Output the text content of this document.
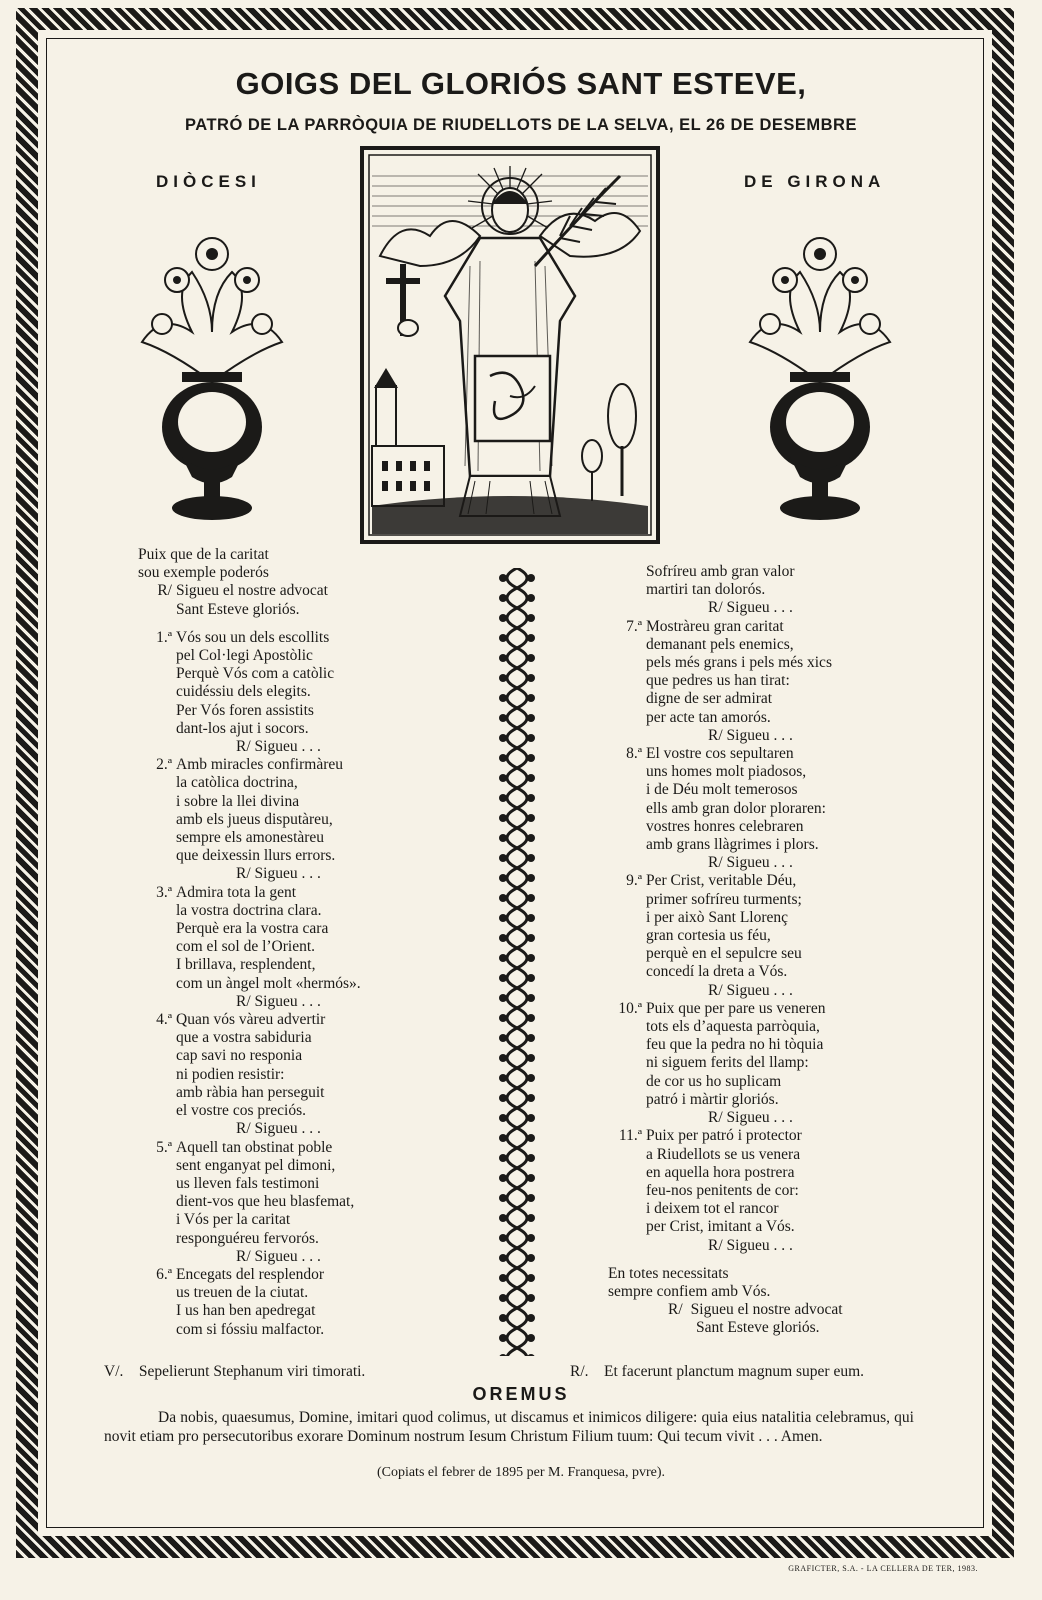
GOIGS DEL GLORIÓS SANT ESTEVE,
PATRÓ DE LA PARRÒQUIA DE RIUDELLOTS DE LA SELVA, EL 26 DE DESEMBRE
DIÒCESI	DE GIRONA
Puix que de la caritat
sou exemple poderós
R/ Sigueu el nostre advocat
Sant Esteve gloriós.
1.ª Vós sou un dels escollits
pel Col·legi Apostòlic
Perquè Vós com a catòlic
cuidéssiu dels elegits.
Per Vós foren assistits
dant-los ajut i socors.
R/ Sigueu . . .
2.ª Amb miracles confirmàreu
la catòlica doctrina,
i sobre la llei divina
amb els jueus disputàreu,
sempre els amonestàreu
que deixessin llurs errors.
R/ Sigueu . . .
3.ª Admira tota la gent
la vostra doctrina clara.
Perquè era la vostra cara
com el sol de l’Orient.
I brillava, resplendent,
com un àngel molt «hermós».
R/ Sigueu . . .
4.ª Quan vós vàreu advertir
que a vostra sabiduria
cap savi no responia
ni podien resistir:
amb ràbia han perseguit
el vostre cos preciós.
R/ Sigueu . . .
5.ª Aquell tan obstinat poble
sent enganyat pel dimoni,
us lleven fals testimoni
dient-vos que heu blasfemat,
i Vós per la caritat
responguéreu fervorós.
R/ Sigueu . . .
6.ª Encegats del resplendor
us treuen de la ciutat.
I us han ben apedregat
com si fóssiu malfactor.
Sofríreu amb gran valor
martiri tan dolorós.
R/ Sigueu . . .
7.ª Mostràreu gran caritat
demanant pels enemics,
pels més grans i pels més xics
que pedres us han tirat:
digne de ser admirat
per acte tan amorós.
R/ Sigueu . . .
8.ª El vostre cos sepultaren
uns homes molt piadosos,
i de Déu molt temerosos
ells amb gran dolor ploraren:
vostres honres celebraren
amb grans llàgrimes i plors.
R/ Sigueu . . .
9.ª Per Crist, veritable Déu,
primer sofríreu turments;
i per això Sant Llorenç
gran cortesia us féu,
perquè en el sepulcre seu
concedí la dreta a Vós.
R/ Sigueu . . .
10.ª Puix que per pare us veneren
tots els d’aquesta parròquia,
feu que la pedra no hi tòquia
ni siguem ferits del llamp:
de cor us ho suplicam
patró i màrtir gloriós.
R/ Sigueu . . .
11.ª Puix per patró i protector
a Riudellots se us venera
en aquella hora postrera
feu-nos penitents de cor:
i deixem tot el rancor
per Crist, imitant a Vós.
R/ Sigueu . . .
En totes necessitats
sempre confiem amb Vós.
R/ Sigueu el nostre advocat
Sant Esteve gloriós.
V/. Sepelierunt Stephanum viri timorati.	R/. Et facerunt planctum magnum super eum.
OREMUS
Da nobis, quaesumus, Domine, imitari quod colimus, ut discamus et inimicos diligere: quia eius natalitia celebramus, qui novit etiam pro persecutoribus exorare Dominum nostrum Iesum Christum Filium tuum: Qui tecum vivit . . . Amen.
(Copiats el febrer de 1895 per M. Franquesa, pvre).
GRAFICTER, S.A. - LA CELLERA DE TER, 1983.
